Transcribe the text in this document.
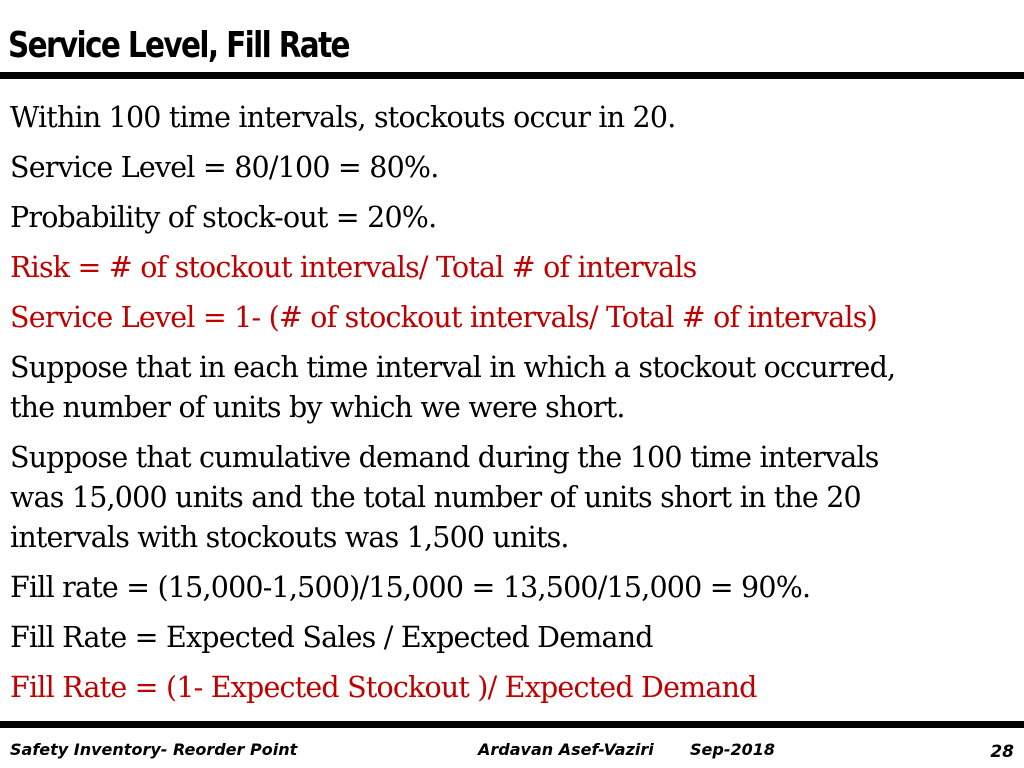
Service Level, Fill Rate

Within 100 time intervals, stockouts occur in 20.

Service Level = 80/100 = 80%.

Probability of stock-out = 20%.

Risk = # of stockout intervals/ Total # of intervals

Service Level = 1- (# of stockout intervals/ Total # of intervals)

Suppose that in each time interval in which a stockout occurred,
the number of units by which we were short.

Suppose that cumulative demand during the 100 time intervals
was 15,000 units and the total number of units short in the 20
intervals with stockouts was 1,500 units.

Fill rate = (15,000-1,500)/15,000 = 13,500/15,000 = 90%.

Fill Rate = Expected Sales / Expected Demand

Fill Rate = (1- Expected Stockout )/ Expected Demand

Safety Inventory- Reorder Point	Ardavan Asef-Vaziri Sep-2018	28
